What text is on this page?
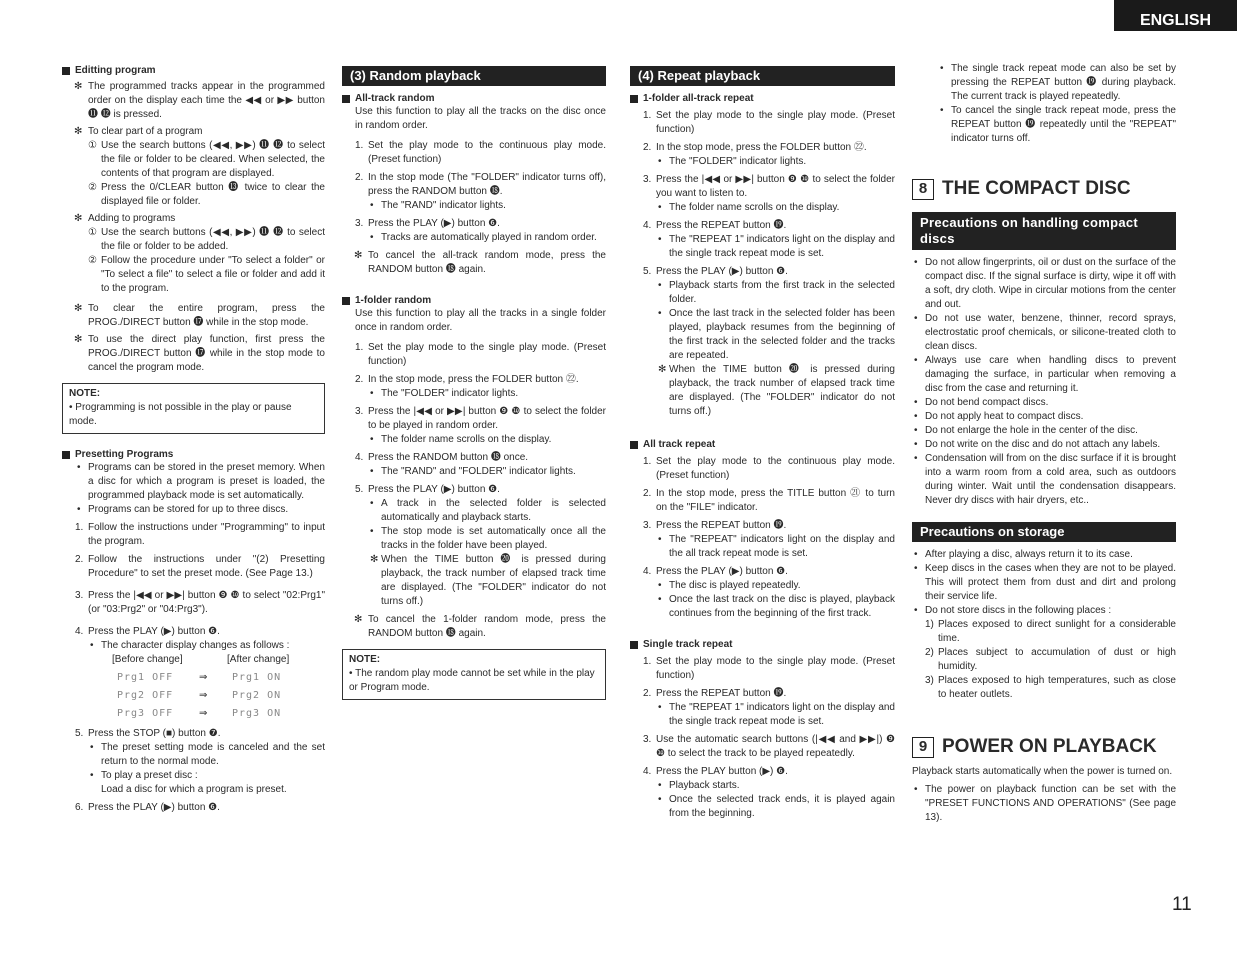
ENGLISH
Editting program

✻ The programmed tracks appear in the programmed order on the display each time the ◀◀ or ▶▶ button ⓫ ⓬ is pressed.

✻ To clear part of a program

① Use the search buttons (◀◀, ▶▶) ⓫ ⓬ to select the file or folder to be cleared. When selected, the contents of that program are displayed.

② Press the 0/CLEAR button ⓭ twice to clear the displayed file or folder.

✻ Adding to programs

① Use the search buttons (◀◀, ▶▶) ⓫ ⓬ to select the file or folder to be added.

② Follow the procedure under "To select a folder" or "To select a file" to select a file or folder and add it to the program.

✻ To clear the entire program, press the PROG./DIRECT button ⓱ while in the stop mode.

✻ To use the direct play function, first press the PROG./DIRECT button ⓱ while in the stop mode to cancel the program mode.

NOTE:
• Programming is not possible in the play or pause mode.
Presetting Programs

• Programs can be stored in the preset memory. When a disc for which a program is preset is loaded, the programmed playback mode is set automatically.

• Programs can be stored for up to three discs.

1. Follow the instructions under "Programming" to input the program.

2. Follow the instructions under "(2) Presetting Procedure" to set the preset mode. (See Page 13.)

3. Press the |◀◀ or ▶▶| button ❾ ❿ to select "02:Prg1" (or "03:Prg2" or "04:Prg3").

4. Press the PLAY (▶) button ❻.

• The character display changes as follows :

[Before change]	[After change]
Prg1 OFF	⇒	Prg1 ON
Prg2 OFF	⇒	Prg2 ON
Prg3 OFF	⇒	Prg3 ON

5. Press the STOP (■) button ❼.

• The preset setting mode is canceled and the set return to the normal mode.

• To play a preset disc :

Load a disc for which a program is preset.

6. Press the PLAY (▶) button ❻.

(3) Random playback
All-track random

Use this function to play all the tracks on the disc once in random order.

1. Set the play mode to the continuous play mode. (Preset function)

2. In the stop mode (The "FOLDER" indicator turns off), press the RANDOM button ⓲.

• The "RAND" indicator lights.

3. Press the PLAY (▶) button ❻.

• Tracks are automatically played in random order.

✻ To cancel the all-track random mode, press the RANDOM button ⓲ again.

1-folder random

Use this function to play all the tracks in a single folder once in random order.

1. Set the play mode to the single play mode. (Preset function)

2. In the stop mode, press the FOLDER button ㉒.

• The "FOLDER" indicator lights.

3. Press the |◀◀ or ▶▶| button ❾ ❿ to select the folder to be played in random order.

• The folder name scrolls on the display.

4. Press the RANDOM button ⓲ once.

• The "RAND" and "FOLDER" indicator lights.

5. Press the PLAY (▶) button ❻.

• A track in the selected folder is selected automatically and playback starts.

• The stop mode is set automatically once all the tracks in the folder have been played.

✻ When the TIME button ⓴ is pressed during playback, the track number of elapsed track time are displayed. (The "FOLDER" indicator do not turns off.)

✻ To cancel the 1-folder random mode, press the RANDOM button ⓲ again.

NOTE:
• The random play mode cannot be set while in the play or Program mode.
(4) Repeat playback
1-folder all-track repeat

1. Set the play mode to the single play mode. (Preset function)

2. In the stop mode, press the FOLDER button ㉒.

• The "FOLDER" indicator lights.

3. Press the |◀◀ or ▶▶| button ❾ ❿ to select the folder you want to listen to.

• The folder name scrolls on the display.

4. Press the REPEAT button ⓳.

• The "REPEAT 1" indicators light on the display and the single track repeat mode is set.

5. Press the PLAY (▶) button ❻.

• Playback starts from the first track in the selected folder.

• Once the last track in the selected folder has been played, playback resumes from the beginning of the first track in the selected folder and the tracks are repeated.

✻ When the TIME button ⓴ is pressed during playback, the track number of elapsed track time are displayed. (The "FOLDER" indicator do not turns off.)

All track repeat

1. Set the play mode to the continuous play mode. (Preset function)

2. In the stop mode, press the TITLE button ㉑ to turn on the "FILE" indicator.

3. Press the REPEAT button ⓳.

• The "REPEAT" indicators light on the display and the all track repeat mode is set.

4. Press the PLAY (▶) button ❻.

• The disc is played repeatedly.

• Once the last track on the disc is played, playback continues from the beginning of the first track.

Single track repeat

1. Set the play mode to the single play mode. (Preset function)

2. Press the REPEAT button ⓳.

• The "REPEAT 1" indicators light on the display and the single track repeat mode is set.

3. Use the automatic search buttons (|◀◀ and ▶▶|) ❾ ❿ to select the track to be played repeatedly.

4. Press the PLAY button (▶) ❻.

• Playback starts.

• Once the selected track ends, it is played again from the beginning.

• The single track repeat mode can also be set by pressing the REPEAT button ⓳ during playback. The current track is played repeatedly.

• To cancel the single track repeat mode, press the REPEAT button ⓳ repeatedly until the "REPEAT" indicator turns off.

8 THE COMPACT DISC
Precautions on handling compact discs

• Do not allow fingerprints, oil or dust on the surface of the compact disc. If the signal surface is dirty, wipe it off with a soft, dry cloth. Wipe in circular motions from the center and out.

• Do not use water, benzene, thinner, record sprays, electrostatic proof chemicals, or silicone-treated cloth to clean discs.

• Always use care when handling discs to prevent damaging the surface, in particular when removing a disc from the case and returning it.

• Do not bend compact discs.

• Do not apply heat to compact discs.

• Do not enlarge the hole in the center of the disc.

• Do not write on the disc and do not attach any labels.

• Condensation will from on the disc surface if it is brought into a warm room from a cold area, such as outdoors during winter. Wait until the condensation disappears. Never dry discs with hair dryers, etc..

Precautions on storage

• After playing a disc, always return it to its case.

• Keep discs in the cases when they are not to be played. This will protect them from dust and dirt and prolong their service life.

• Do not store discs in the following places :

1) Places exposed to direct sunlight for a considerable time.

2) Places subject to accumulation of dust or high humidity.

3) Places exposed to high temperatures, such as close to heater outlets.

9 POWER ON PLAYBACK

Playback starts automatically when the power is turned on.

• The power on playback function can be set with the "PRESET FUNCTIONS AND OPERATIONS" (See page 13).

11
